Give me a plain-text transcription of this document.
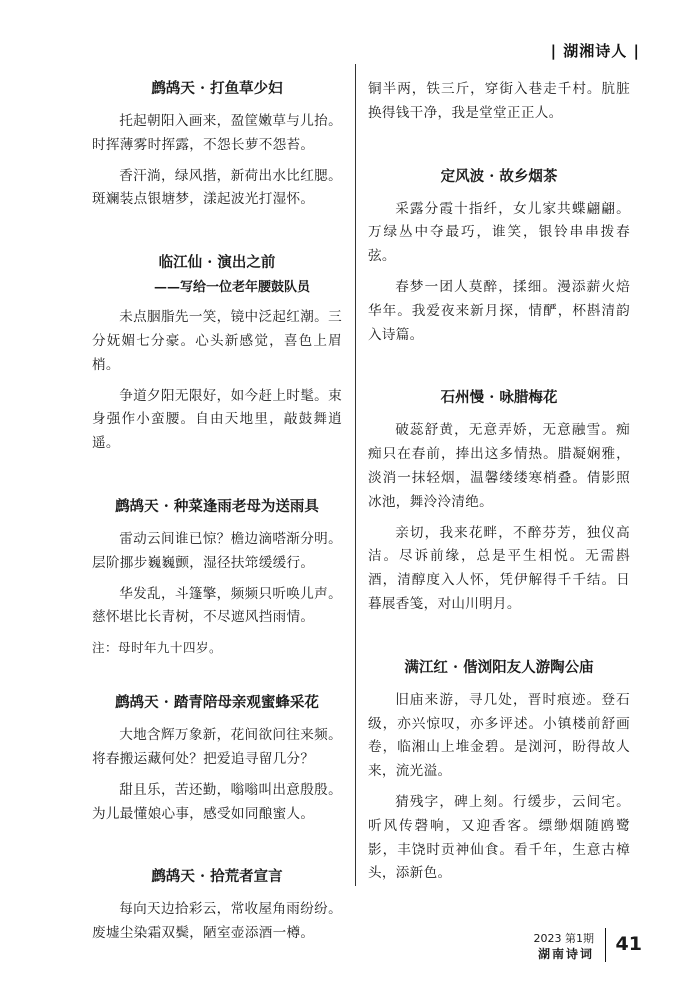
| 湖湘诗人 |
鹧鸪天 · 打鱼草少妇

托起朝阳入画来，盈筐嫩草与儿抬。时挥薄雾时挥露，不怨长萝不怨苔。

香汗淌，绿风揩，新荷出水比红腮。斑斓装点银塘梦，漾起波光打湿怀。

临江仙 · 演出之前
——写给一位老年腰鼓队员

未点胭脂先一笑，镜中泛起红潮。三分妩媚七分豪。心头新感觉，喜色上眉梢。

争道夕阳无限好，如今赶上时髦。束身强作小蛮腰。自由天地里，敲鼓舞逍遥。

鹧鸪天 · 种菜逢雨老母为送雨具

雷动云间谁已惊？檐边滴嗒渐分明。层阶挪步巍巍颤，湿径扶筇缓缓行。

华发乱，斗篷擎，频频只听唤儿声。慈怀堪比长青树，不尽遮风挡雨情。

注：母时年九十四岁。

鹧鸪天 · 踏青陪母亲观蜜蜂采花

大地含辉万象新，花间欲问往来频。将春搬运藏何处？把爱追寻留几分？

甜且乐，苦还勤，嗡嗡叫出意殷殷。为儿最懂娘心事，感受如同酿蜜人。

鹧鸪天 · 拾荒者宣言

每向天边拾彩云，常收屋角雨纷纷。废墟尘染霜双鬓，陋室壶添酒一樽。

铜半两，铁三斤，穿街入巷走千村。肮脏换得钱干净，我是堂堂正正人。

定风波 · 故乡烟茶

采露分霞十指纤，女儿家共蝶翩翩。万绿丛中夺最巧，谁笑，银铃串串拨春弦。

春梦一团人莫醉，揉细。漫添薪火焙华年。我爱夜来新月探，情酽，杯斟清韵入诗篇。

石州慢 · 咏腊梅花

破蕊舒黄，无意弄娇，无意融雪。痴痴只在春前，捧出这多情热。腊凝娴雅，淡消一抹轻烟，温馨缕缕寒梢叠。倩影照冰池，舞泠泠清绝。

亲切，我来花畔，不醉芬芳，独仪高洁。尽诉前缘，总是平生相悦。无需斟酒，清醇度入人怀，凭伊解得千千结。日暮展香笺，对山川明月。

满江红 · 偕浏阳友人游陶公庙

旧庙来游，寻几处，晋时痕迹。登石级，亦兴惊叹，亦多评述。小镇楼前舒画卷，临湘山上堆金碧。是浏河，盼得故人来，流光溢。

猜残字，碑上刻。行缓步，云间宅。听风传磬响，又迎香客。缥缈烟随鸥鹭影，丰饶时贡神仙食。看千年，生意古樟头，添新色。

2023 第1期
湖南诗词 41
